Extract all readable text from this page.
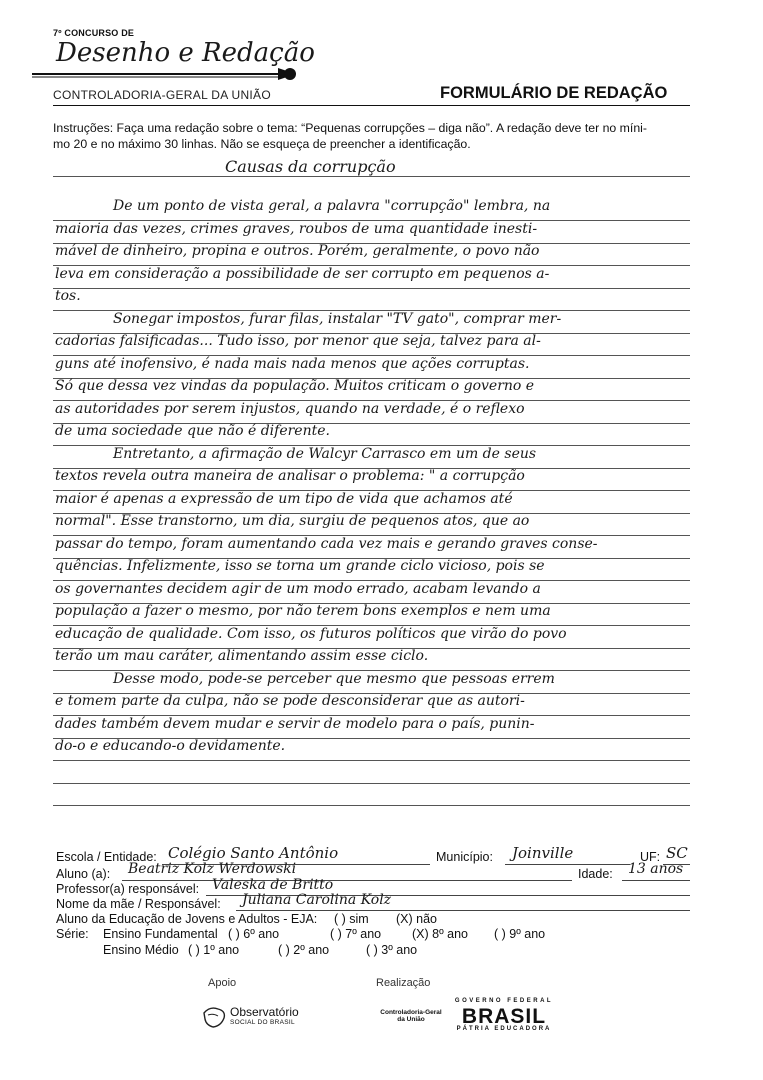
7º CONCURSO DE
Desenho e Redação
CONTROLADORIA-GERAL DA UNIÃO	FORMULÁRIO DE REDAÇÃO
Instruções: Faça uma redação sobre o tema: “Pequenas corrupções – diga não”. A redação deve ter no míni-
mo 20 e no máximo 30 linhas. Não se esqueça de preencher a identificação.
Causas da corrupção
De um ponto de vista geral, a palavra "corrupção" lembra, na
maioria das vezes, crimes graves, roubos de uma quantidade inesti-
mável de dinheiro, propina e outros. Porém, geralmente, o povo não
leva em consideração a possibilidade de ser corrupto em pequenos a-
tos.
Sonegar impostos, furar filas, instalar "TV gato", comprar mer-
cadorias falsificadas... Tudo isso, por menor que seja, talvez para al-
guns até inofensivo, é nada mais nada menos que ações corruptas.
Só que dessa vez vindas da população. Muitos criticam o governo e
as autoridades por serem injustos, quando na verdade, é o reflexo
de uma sociedade que não é diferente.
Entretanto, a afirmação de Walcyr Carrasco em um de seus
textos revela outra maneira de analisar o problema: " a corrupção
maior é apenas a expressão de um tipo de vida que achamos até
normal". Esse transtorno, um dia, surgiu de pequenos atos, que ao
passar do tempo, foram aumentando cada vez mais e gerando graves conse-
quências. Infelizmente, isso se torna um grande ciclo vicioso, pois se
os governantes decidem agir de um modo errado, acabam levando a
população a fazer o mesmo, por não terem bons exemplos e nem uma
educação de qualidade. Com isso, os futuros políticos que virão do povo
terão um mau caráter, alimentando assim esse ciclo.
Desse modo, pode-se perceber que mesmo que pessoas errem
e tomem parte da culpa, não se pode desconsiderar que as autori-
dades também devem mudar e servir de modelo para o país, punin-
do-o e educando-o devidamente.
Escola / Entidade: Colégio Santo Antônio	Município: Joinville	UF: SC
Aluno (a): Beatriz Kolz Werdowski	Idade: 13 anos
Professor(a) responsável: Valeska de Britto
Nome da mãe / Responsável: Juliana Carolina Kolz
Aluno da Educação de Jovens e Adultos - EJA: ( ) sim (X) não
Série: Ensino Fundamental ( ) 6º ano	( ) 7º ano (X) 8º ano ( ) 9º ano
Ensino Médio ( ) 1º ano	( ) 2º ano	( ) 3º ano
Apoio	Realização
Observatório
SOCIAL DO BRASIL
Controladoria-Geral
da União
GOVERNO FEDERAL
BRASIL
PÁTRIA EDUCADORA
